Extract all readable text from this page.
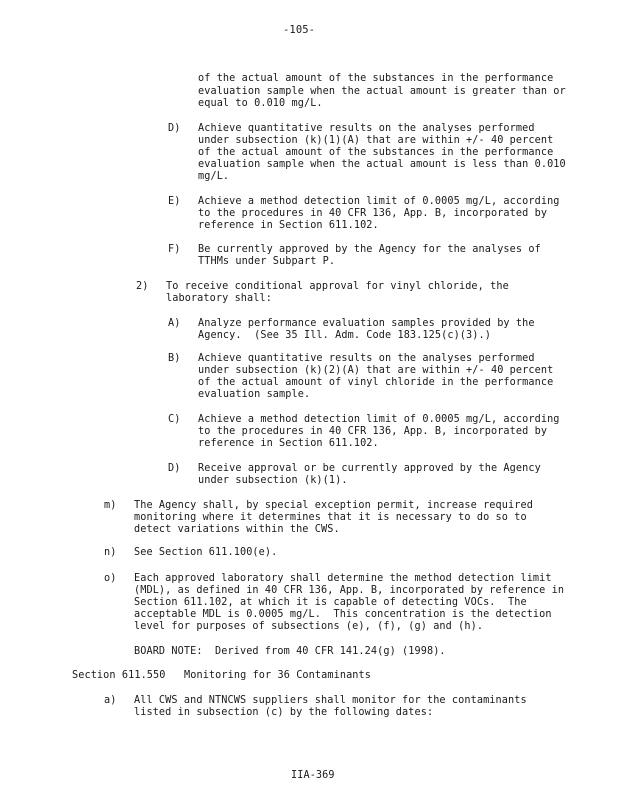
-105-
of the actual amount of the substances in the performance
evaluation sample when the actual amount is greater than or
equal to 0.010 mg/L.
D) Achieve quantitative results on the analyses performed
under subsection (k)(1)(A) that are within +/- 40 percent
of the actual amount of the substances in the performance
evaluation sample when the actual amount is less than 0.010
mg/L.
E) Achieve a method detection limit of 0.0005 mg/L, according
to the procedures in 40 CFR 136, App. B, incorporated by
reference in Section 611.102.
F) Be currently approved by the Agency for the analyses of
TTHMs under Subpart P.
2) To receive conditional approval for vinyl chloride, the
laboratory shall:
A) Analyze performance evaluation samples provided by the
Agency.  (See 35 Ill. Adm. Code 183.125(c)(3).)
B) Achieve quantitative results on the analyses performed
under subsection (k)(2)(A) that are within +/- 40 percent
of the actual amount of vinyl chloride in the performance
evaluation sample.
C) Achieve a method detection limit of 0.0005 mg/L, according
to the procedures in 40 CFR 136, App. B, incorporated by
reference in Section 611.102.
D) Receive approval or be currently approved by the Agency
under subsection (k)(1).
m) The Agency shall, by special exception permit, increase required
monitoring where it determines that it is necessary to do so to
detect variations within the CWS.
n) See Section 611.100(e).
o) Each approved laboratory shall determine the method detection limit
(MDL), as defined in 40 CFR 136, App. B, incorporated by reference in
Section 611.102, at which it is capable of detecting VOCs.  The
acceptable MDL is 0.0005 mg/L.  This concentration is the detection
level for purposes of subsections (e), (f), (g) and (h).
BOARD NOTE:  Derived from 40 CFR 141.24(g) (1998).
Section 611.550 Monitoring for 36 Contaminants
a) All CWS and NTNCWS suppliers shall monitor for the contaminants
listed in subsection (c) by the following dates:
IIA-369
